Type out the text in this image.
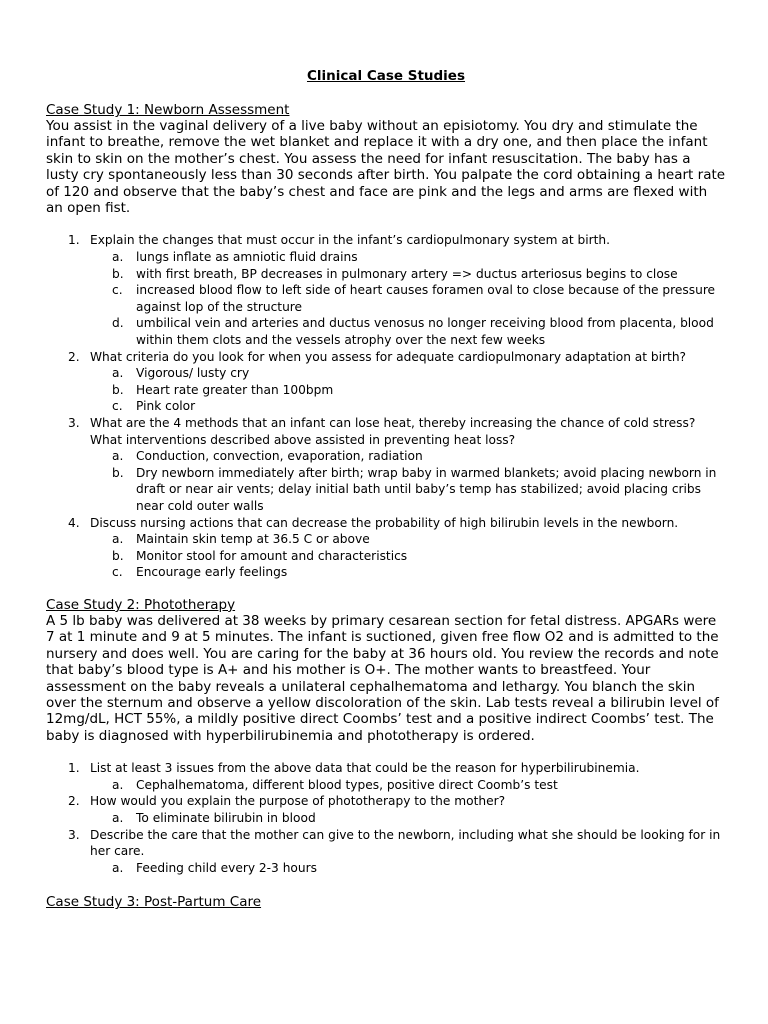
Clinical Case Studies

Case Study 1: Newborn Assessment

You assist in the vaginal delivery of a live baby without an episiotomy. You dry and stimulate the infant to breathe, remove the wet blanket and replace it with a dry one, and then place the infant skin to skin on the mother’s chest. You assess the need for infant resuscitation. The baby has a lusty cry spontaneously less than 30 seconds after birth. You palpate the cord obtaining a heart rate of 120 and observe that the baby’s chest and face are pink and the legs and arms are flexed with an open fist.

1. Explain the changes that must occur in the infant’s cardiopulmonary system at birth.
a. lungs inflate as amniotic fluid drains
b. with first breath, BP decreases in pulmonary artery => ductus arteriosus begins to close
c. increased blood flow to left side of heart causes foramen oval to close because of the pressure against lop of the structure
d. umbilical vein and arteries and ductus venosus no longer receiving blood from placenta, blood within them clots and the vessels atrophy over the next few weeks
2. What criteria do you look for when you assess for adequate cardiopulmonary adaptation at birth?
a. Vigorous/ lusty cry
b. Heart rate greater than 100bpm
c. Pink color
3. What are the 4 methods that an infant can lose heat, thereby increasing the chance of cold stress? What interventions described above assisted in preventing heat loss?
a. Conduction, convection, evaporation, radiation
b. Dry newborn immediately after birth; wrap baby in warmed blankets; avoid placing newborn in draft or near air vents; delay initial bath until baby’s temp has stabilized; avoid placing cribs near cold outer walls
4. Discuss nursing actions that can decrease the probability of high bilirubin levels in the newborn.
a. Maintain skin temp at 36.5 C or above
b. Monitor stool for amount and characteristics
c. Encourage early feelings

Case Study 2: Phototherapy

A 5 lb baby was delivered at 38 weeks by primary cesarean section for fetal distress. APGARs were 7 at 1 minute and 9 at 5 minutes. The infant is suctioned, given free flow O2 and is admitted to the nursery and does well. You are caring for the baby at 36 hours old. You review the records and note that baby’s blood type is A+ and his mother is O+. The mother wants to breastfeed. Your assessment on the baby reveals a unilateral cephalhematoma and lethargy. You blanch the skin over the sternum and observe a yellow discoloration of the skin. Lab tests reveal a bilirubin level of 12mg/dL, HCT 55%, a mildly positive direct Coombs’ test and a positive indirect Coombs’ test. The baby is diagnosed with hyperbilirubinemia and phototherapy is ordered.

1. List at least 3 issues from the above data that could be the reason for hyperbilirubinemia.
a. Cephalhematoma, different blood types, positive direct Coomb’s test
2. How would you explain the purpose of phototherapy to the mother?
a. To eliminate bilirubin in blood
3. Describe the care that the mother can give to the newborn, including what she should be looking for in her care.
a. Feeding child every 2-3 hours

Case Study 3: Post-Partum Care
